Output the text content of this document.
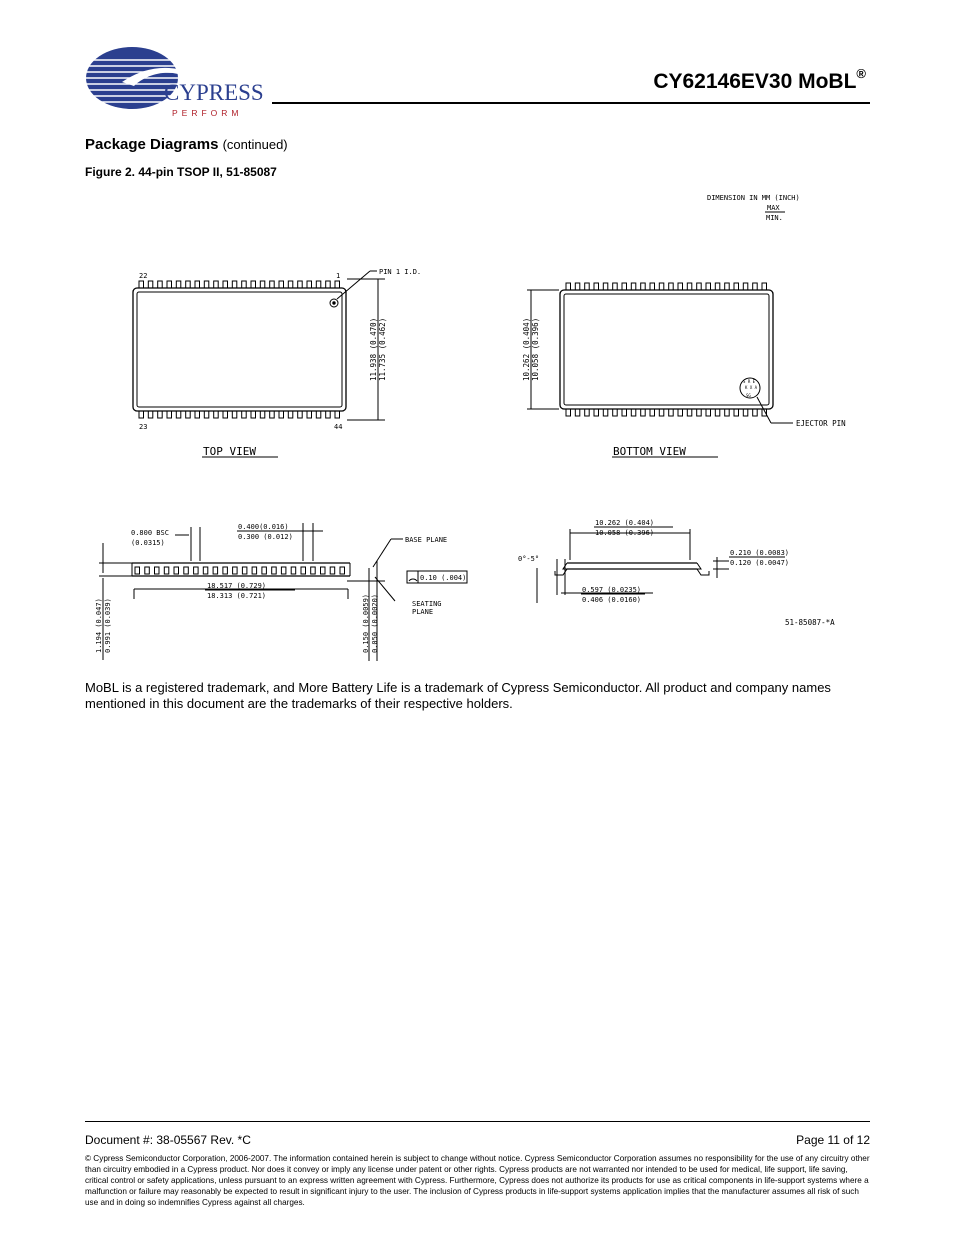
CYPRESS
PERFORM
CY62146EV30 MoBL®
Package Diagrams (continued)
Figure 2. 44-pin TSOP II, 51-85087
DIMENSION IN MM (INCH)
MAX
MIN.
PIN 1 I.D.
22	1
23	44
11.938 (0.470) 11.735 (0.462)
TOP VIEW
S R E
K X A
SG
10.262 (0.404) 10.058 (0.396)
EJECTOR PIN
BOTTOM VIEW
0.800 BSC
(0.0315)
0.400(0.016)
0.300 (0.012)	BASE PLANE
18.517 (0.729)
18.313 (0.721)
0.10 (.004)
SEATING
PLANE
1.194 (0.047) 0.991 (0.039)	0.150 (0.0059) 0.050 (0.0020)
10.262 (0.404)
10.058 (0.396)
0°-5°
0.210 (0.0083)
0.120 (0.0047)
0.597 (0.0235)
0.406 (0.0160)
51-85087-*A
MoBL is a registered trademark, and More Battery Life is a trademark of Cypress Semiconductor. All product and company names mentioned in this document are the trademarks of their respective holders.
Document #: 38-05567 Rev. *C	Page 11 of 12
© Cypress Semiconductor Corporation, 2006-2007. The information contained herein is subject to change without notice. Cypress Semiconductor Corporation assumes no responsibility for the use of any circuitry other than circuitry embodied in a Cypress product. Nor does it convey or imply any license under patent or other rights. Cypress products are not warranted nor intended to be used for medical, life support, life saving, critical control or safety applications, unless pursuant to an express written agreement with Cypress. Furthermore, Cypress does not authorize its products for use as critical components in life-support systems where a malfunction or failure may reasonably be expected to result in significant injury to the user. The inclusion of Cypress products in life-support systems application implies that the manufacturer assumes all risk of such use and in doing so indemnifies Cypress against all charges.
